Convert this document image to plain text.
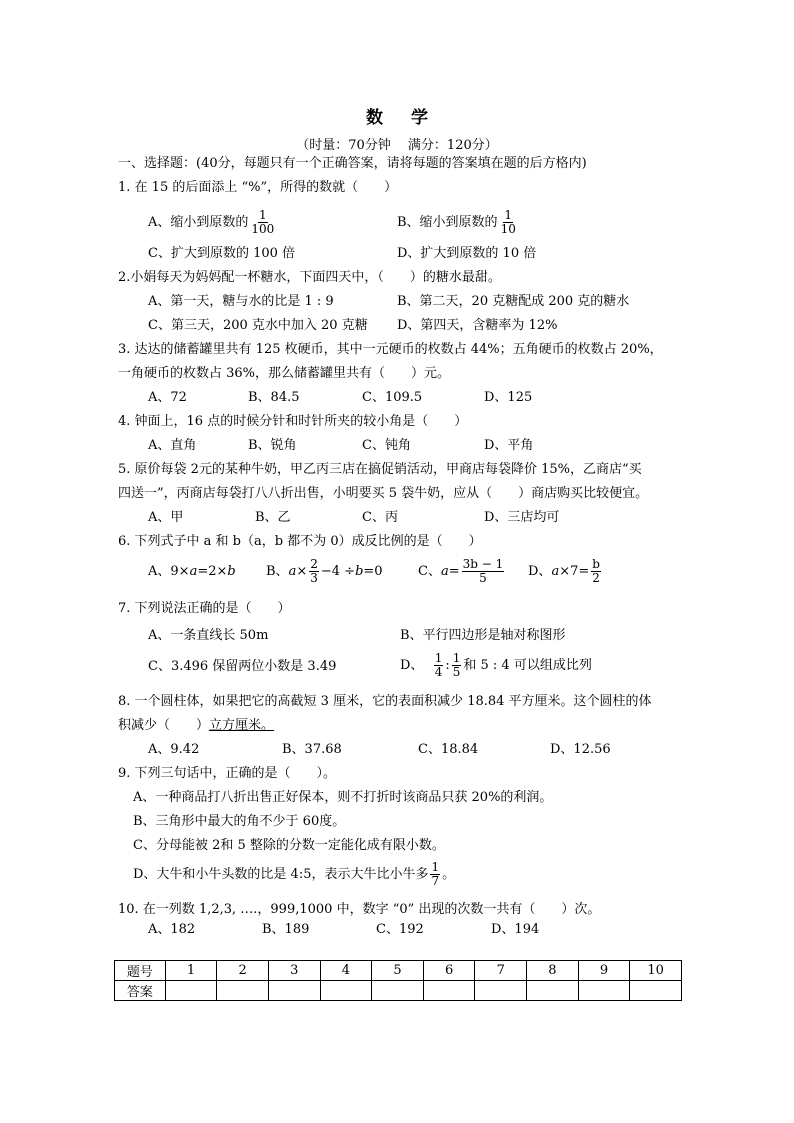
数 学
（时量：70分钟　 满分：120分）
一、选择题：(40分，每题只有一个正确答案，请将每题的答案填在题的后方格内)
1. 在 15 的后面添上 “%”，所得的数就（　　）
A、缩小到原数的 $\frac{1}{100}$	B、缩小到原数的 $\frac{1}{10}$
C、扩大到原数的 100 倍	D、扩大到原数的 10 倍
2.小娟每天为妈妈配一杯糖水，下面四天中，（　　）的糖水最甜。
A、第一天，糖与水的比是 1 : 9	B、第二天，20 克糖配成 200 克的糖水
C、第三天，200 克水中加入 20 克糖 D、第四天，含糖率为 12%
3. 达达的储蓄罐里共有 125 枚硬币，其中一元硬币的枚数占 44%；五角硬币的枚数占 20%，
一角硬币的枚数占 36%，那么储蓄罐里共有（　　）元。
A、72	B、84.5	C、109.5	D、125
4. 钟面上，16 点的时候分针和时针所夹的较小角是（　　）
A、直角	B、锐角	C、钝角	D、平角
5. 原价每袋 2元的某种牛奶，甲乙丙三店在搞促销活动，甲商店每袋降价 15%，乙商店“买
四送一”，丙商店每袋打八八折出售，小明要买 5 袋牛奶，应从（　　）商店购买比较便宜。
A、甲	B、乙	C、丙	D、三店均可
6. 下列式子中 a 和 b（a，b 都不为 0）成反比例的是（　　）
A、9×a=2×b B、$a\times \frac{2}{3} -4 \div b=0$	C、$a= \frac{3b - 1}{5}$ D、$a\times 7= \frac{b}{2}$
7. 下列说法正确的是（　　）
A、一条直线长 50m	B、平行四边形是轴对称图形
C、3.496 保留两位小数是 3.49	D、 $\frac{1}{4}$ : $\frac{1}{5}$ 和 5 : 4 可以组成比列
8. 一个圆柱体，如果把它的高截短 3 厘米，它的表面积减少 18.84 平方厘米。这个圆柱的体
积减少（　　）立方厘米。
A、9.42	B、37.68	C、18.84	D、12.56
9. 下列三句话中，正确的是（　　）。
A、一种商品打八折出售正好保本，则不打折时该商品只获 20%的利润。
B、三角形中最大的角不少于 60度。
C、分母能被 2和 5 整除的分数一定能化成有限小数。
D、大牛和小牛头数的比是 4:5，表示大牛比小牛多 $\frac{1}{7}$ 。
10. 在一列数 1,2,3, ….，999,1000 中，数字 “0” 出现的次数一共有（　　）次。
A、182	B、189	C、192	D、194
题号	1	2	3	4	5	6	7	8	9	10
答案										
